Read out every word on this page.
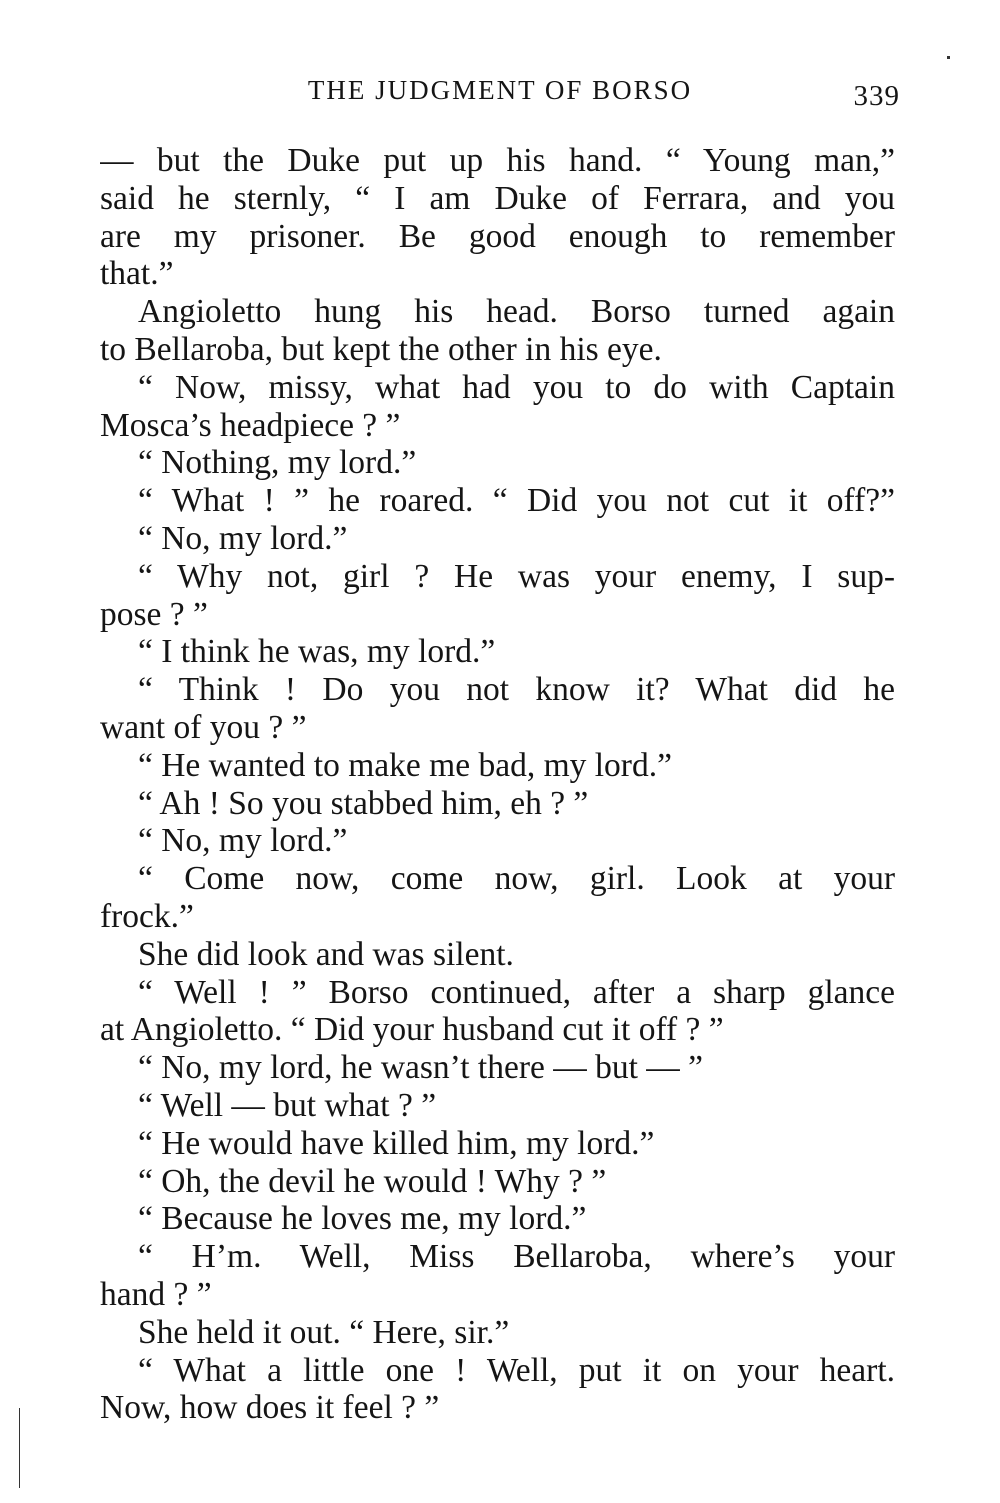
THE JUDGMENT OF BORSO	339
— but the Duke put up his hand. “ Young man,”
said he sternly, “ I am Duke of Ferrara, and you
are my prisoner. Be good enough to remember
that.”
Angioletto hung his head. Borso turned again
to Bellaroba, but kept the other in his eye.
“ Now, missy, what had you to do with Captain
Mosca’s headpiece ? ”
“ Nothing, my lord.”
“ What ! ” he roared. “ Did you not cut it off?”
“ No, my lord.”
“ Why not, girl ? He was your enemy, I sup-
pose ? ”
“ I think he was, my lord.”
“ Think ! Do you not know it? What did he
want of you ? ”
“ He wanted to make me bad, my lord.”
“ Ah ! So you stabbed him, eh ? ”
“ No, my lord.”
“ Come now, come now, girl. Look at your
frock.”
She did look and was silent.
“ Well ! ” Borso continued, after a sharp glance
at Angioletto. “ Did your husband cut it off ? ”
“ No, my lord, he wasn’t there — but — ”
“ Well — but what ? ”
“ He would have killed him, my lord.”
“ Oh, the devil he would ! Why ? ”
“ Because he loves me, my lord.”
“ H’m. Well, Miss Bellaroba, where’s your
hand ? ”
She held it out. “ Here, sir.”
“ What a little one ! Well, put it on your heart.
Now, how does it feel ? ”
